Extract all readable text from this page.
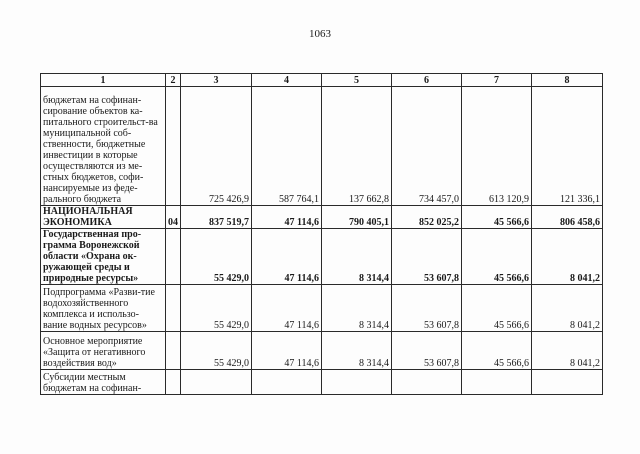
1063
1	2	3	4	5	6	7	8
бюджетам на софинан-сирование объектов ка-питального строительст-ва муниципальной соб-ственности, бюджетные инвестиции в которые осуществляются из ме-стных бюджетов, софи-нансируемые из феде-рального бюджета		725 426,9	587 764,1	137 662,8	734 457,0	613 120,9	121 336,1
НАЦИОНАЛЬНАЯ ЭКОНОМИКА	04	837 519,7	47 114,6	790 405,1	852 025,2	45 566,6	806 458,6
Государственная про-грамма Воронежской области «Охрана ок-ружающей среды и природные ресурсы»		55 429,0	47 114,6	8 314,4	53 607,8	45 566,6	8 041,2
Подпрограмма «Разви-тие водохозяйственного комплекса и использо-вание водных ресурсов»		55 429,0	47 114,6	8 314,4	53 607,8	45 566,6	8 041,2
Основное мероприятие «Защита от негативного воздействия вод»		55 429,0	47 114,6	8 314,4	53 607,8	45 566,6	8 041,2
Субсидии местным бюджетам на софинан-							
